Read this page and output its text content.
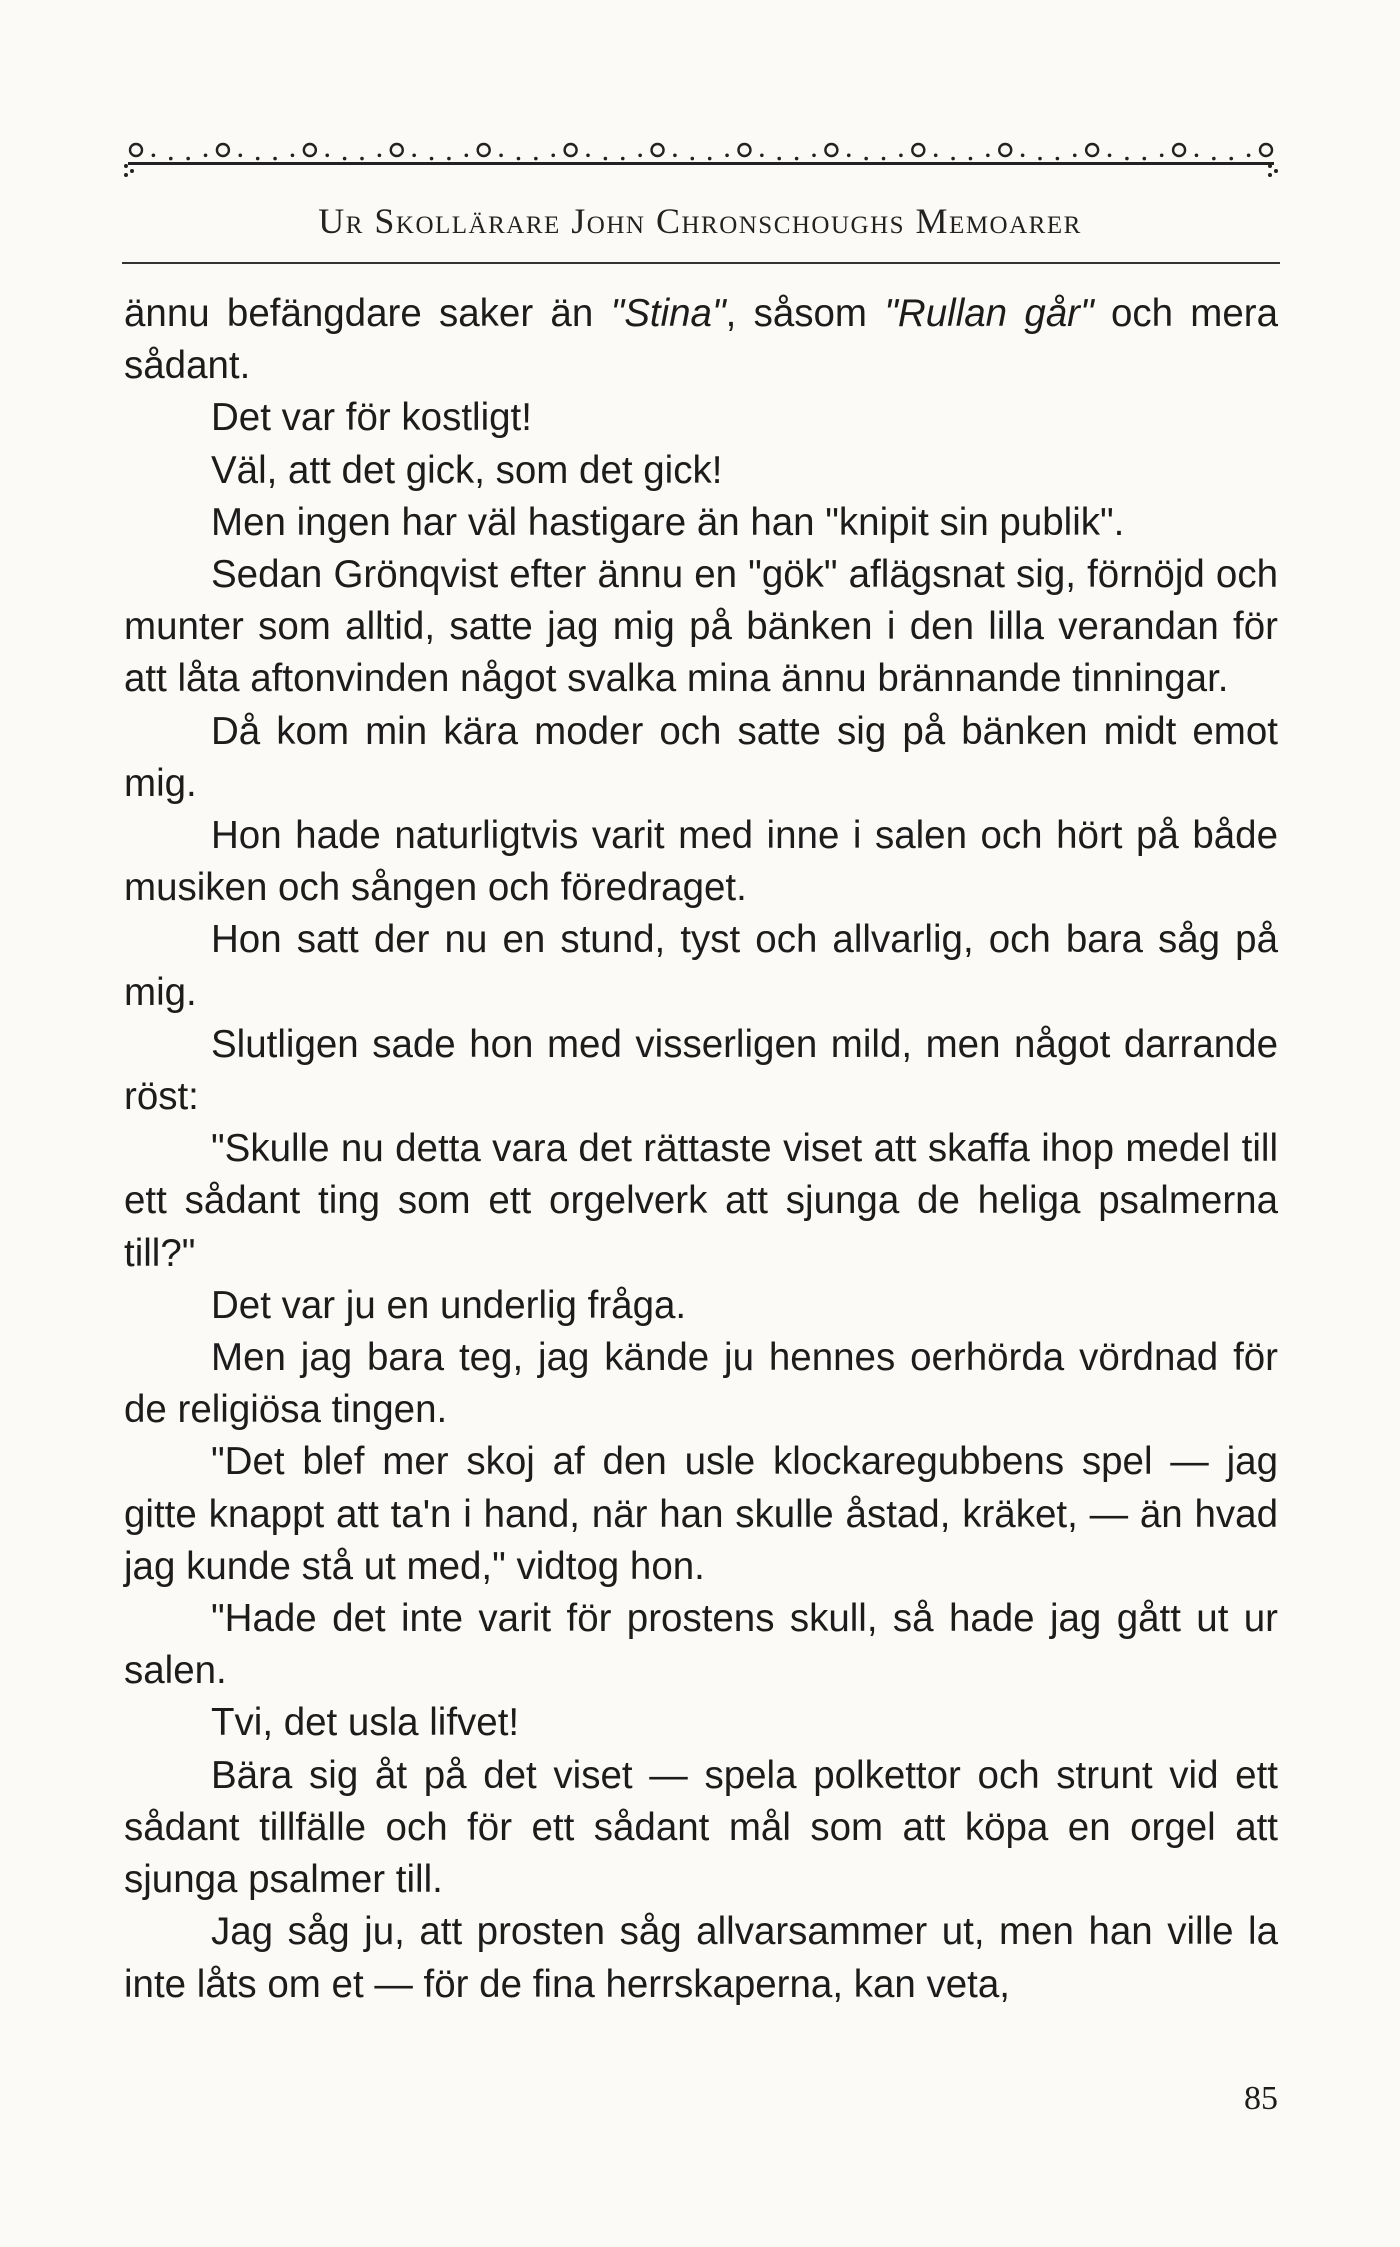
Ur Skollärare John Chronschoughs Memoarer

ännu befängdare saker än "Stina", såsom "Rullan går" och mera sådant.

Det var för kostligt!

Väl, att det gick, som det gick!

Men ingen har väl hastigare än han "knipit sin publik".

Sedan Grönqvist efter ännu en "gök" aflägsnat sig, förnöjd och munter som alltid, satte jag mig på bänken i den lilla verandan för att låta aftonvinden något svalka mina ännu brännande tinningar.

Då kom min kära moder och satte sig på bänken midt emot mig.

Hon hade naturligtvis varit med inne i salen och hört på både musiken och sången och föredraget.

Hon satt der nu en stund, tyst och allvarlig, och bara såg på mig.

Slutligen sade hon med visserligen mild, men något darrande röst:

"Skulle nu detta vara det rättaste viset att skaffa ihop medel till ett sådant ting som ett orgelverk att sjunga de heliga psalmerna till?"

Det var ju en underlig fråga.

Men jag bara teg, jag kände ju hennes oerhörda vördnad för de religiösa tingen.

"Det blef mer skoj af den usle klockaregubbens spel — jag gitte knappt att ta'n i hand, när han skulle åstad, kräket, — än hvad jag kunde stå ut med," vidtog hon.

"Hade det inte varit för prostens skull, så hade jag gått ut ur salen.

Tvi, det usla lifvet!

Bära sig åt på det viset — spela polkettor och strunt vid ett sådant tillfälle och för ett sådant mål som att köpa en orgel att sjunga psalmer till.

Jag såg ju, att prosten såg allvarsammer ut, men han ville la inte låts om et — för de fina herrskaperna, kan veta,

85
